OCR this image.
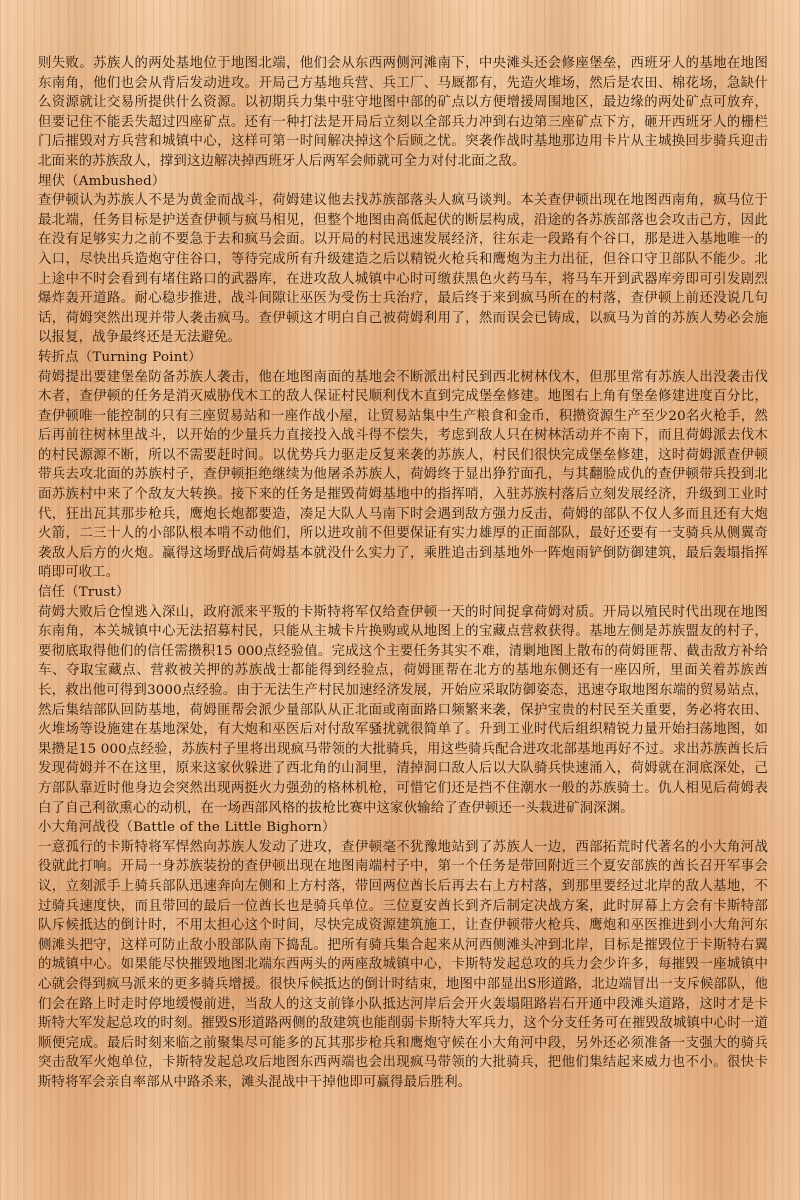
则失败。苏族人的两处基地位于地图北端，他们会从东西两侧河滩南下，中央滩头还会修座堡垒，西班牙人的基地在地图东南角，他们也会从背后发动进攻。开局己方基地兵营、兵工厂、马厩都有，先造火堆场，然后是农田、棉花场，急缺什么资源就让交易所提供什么资源。以初期兵力集中驻守地图中部的矿点以方便增援周围地区，最边缘的两处矿点可放弃，但要记住不能丢失超过四座矿点。还有一种打法是开局后立刻以全部兵力冲到右边第三座矿点下方，砸开西班牙人的栅栏门后摧毁对方兵营和城镇中心，这样可第一时间解决掉这个后顾之忧。突袭作战时基地那边用卡片从主城换回步骑兵迎击北面来的苏族敌人，撑到这边解决掉西班牙人后两军会师就可全力对付北面之敌。

埋伏（Ambushed）

查伊顿认为苏族人不是为黄金而战斗，荷姆建议他去找苏族部落头人疯马谈判。本关查伊顿出现在地图西南角，疯马位于最北端，任务目标是护送查伊顿与疯马相见，但整个地图由高低起伏的断层构成，沿途的各苏族部落也会攻击己方，因此在没有足够实力之前不要急于去和疯马会面。以开局的村民迅速发展经济，往东走一段路有个谷口，那是进入基地唯一的入口，尽快出兵造炮守住谷口，等待完成所有升级建造之后以精锐火枪兵和鹰炮为主力出征，但谷口守卫部队不能少。北上途中不时会看到有堵住路口的武器库，在进攻敌人城镇中心时可缴获黑色火药马车，将马车开到武器库旁即可引发剧烈爆炸轰开道路。耐心稳步推进，战斗间隙让巫医为受伤士兵治疗，最后终于来到疯马所在的村落，查伊顿上前还没说几句话，荷姆突然出现并带人袭击疯马。查伊顿这才明白自己被荷姆利用了，然而误会已铸成，以疯马为首的苏族人势必会施以报复，战争最终还是无法避免。

转折点（Turning Point）

荷姆提出要建堡垒防备苏族人袭击，他在地图南面的基地会不断派出村民到西北树林伐木，但那里常有苏族人出没袭击伐木者，查伊顿的任务是消灭威胁伐木工的敌人保证村民顺利伐木直到完成堡垒修建。地图右上角有堡垒修建进度百分比，查伊顿唯一能控制的只有三座贸易站和一座作战小屋，让贸易站集中生产粮食和金币，积攒资源生产至少20名火枪手，然后再前往树林里战斗，以开始的少量兵力直接投入战斗得不偿失，考虑到敌人只在树林活动并不南下，而且荷姆派去伐木的村民源源不断，所以不需要赶时间。以优势兵力驱走反复来袭的苏族人，村民们很快完成堡垒修建，这时荷姆派查伊顿带兵去攻北面的苏族村子，查伊顿拒绝继续为他屠杀苏族人，荷姆终于显出狰狞面孔，与其翻脸成仇的查伊顿带兵投到北面苏族村中来了个敌友大转换。接下来的任务是摧毁荷姆基地中的指挥哨，入驻苏族村落后立刻发展经济，升级到工业时代，狂出瓦其那步枪兵，鹰炮长炮都要造，凑足大队人马南下时会遇到敌方强力反击，荷姆的部队不仅人多而且还有大炮火箭，二三十人的小部队根本啃不动他们，所以进攻前不但要保证有实力雄厚的正面部队，最好还要有一支骑兵从侧翼奇袭敌人后方的火炮。赢得这场野战后荷姆基本就没什么实力了，乘胜追击到基地外一阵炮雨铲倒防御建筑，最后轰塌指挥哨即可收工。

信任（Trust）

荷姆大败后仓惶逃入深山，政府派来平叛的卡斯特将军仅给查伊顿一天的时间捉拿荷姆对质。开局以殖民时代出现在地图东南角，本关城镇中心无法招募村民，只能从主城卡片换购或从地图上的宝藏点营救获得。基地左侧是苏族盟友的村子，要彻底取得他们的信任需攒积15 000点经验值。完成这个主要任务其实不难，清剿地图上散布的荷姆匪帮、截击敌方补给车、夺取宝藏点、营救被关押的苏族战士都能得到经验点，荷姆匪帮在北方的基地东侧还有一座囚所，里面关着苏族酋长，救出他可得到3000点经验。由于无法生产村民加速经济发展，开始应采取防御姿态，迅速夺取地图东端的贸易站点，然后集结部队回防基地，荷姆匪帮会派少量部队从正北面或南面路口频繁来袭，保护宝贵的村民至关重要，务必将农田、火堆场等设施建在基地深处，有大炮和巫医后对付敌军骚扰就很简单了。升到工业时代后组织精锐力量开始扫荡地图，如果攒足15 000点经验，苏族村子里将出现疯马带领的大批骑兵，用这些骑兵配合进攻北部基地再好不过。求出苏族酋长后发现荷姆并不在这里，原来这家伙躲进了西北角的山洞里，清掉洞口敌人后以大队骑兵快速涌入，荷姆就在洞底深处，己方部队靠近时他身边会突然出现两挺火力强劲的格林机枪，可惜它们还是挡不住潮水一般的苏族骑士。仇人相见后荷姆表白了自己利欲熏心的动机，在一场西部风格的拔枪比赛中这家伙输给了查伊顿还一头栽进矿洞深渊。

小大角河战役（Battle of the Little Bighorn）

一意孤行的卡斯特将军悍然向苏族人发动了进攻，查伊顿毫不犹豫地站到了苏族人一边，西部拓荒时代著名的小大角河战役就此打响。开局一身苏族装扮的查伊顿出现在地图南端村子中，第一个任务是带回附近三个夏安部族的酋长召开军事会议，立刻派手上骑兵部队迅速奔向左侧和上方村落，带回两位酋长后再去右上方村落，到那里要经过北岸的敌人基地，不过骑兵速度快，而且带回的最后一位酋长也是骑兵单位。三位夏安酋长到齐后制定决战方案，此时屏幕上方会有卡斯特部队斥候抵达的倒计时，不用太担心这个时间，尽快完成资源建筑施工，让查伊顿带火枪兵、鹰炮和巫医推进到小大角河东侧滩头把守，这样可防止敌小股部队南下捣乱。把所有骑兵集合起来从河西侧滩头冲到北岸，目标是摧毁位于卡斯特右翼的城镇中心。如果能尽快摧毁地图北端东西两头的两座敌城镇中心，卡斯特发起总攻的兵力会少许多，每摧毁一座城镇中心就会得到疯马派来的更多骑兵增援。很快斥候抵达的倒计时结束，地图中部显出S形道路，北边端冒出一支斥候部队，他们会在路上时走时停地缓慢前进，当敌人的这支前锋小队抵达河岸后会开火轰塌阻路岩石开通中段滩头道路，这时才是卡斯特大军发起总攻的时刻。摧毁S形道路两侧的敌建筑也能削弱卡斯特大军兵力，这个分支任务可在摧毁敌城镇中心时一道顺便完成。最后时刻来临之前聚集尽可能多的瓦其那步枪兵和鹰炮守候在小大角河中段，另外还必须准备一支强大的骑兵突击敌军火炮单位，卡斯特发起总攻后地图东西两端也会出现疯马带领的大批骑兵，把他们集结起来威力也不小。很快卡斯特将军会亲自率部从中路杀来，滩头混战中干掉他即可赢得最后胜利。
